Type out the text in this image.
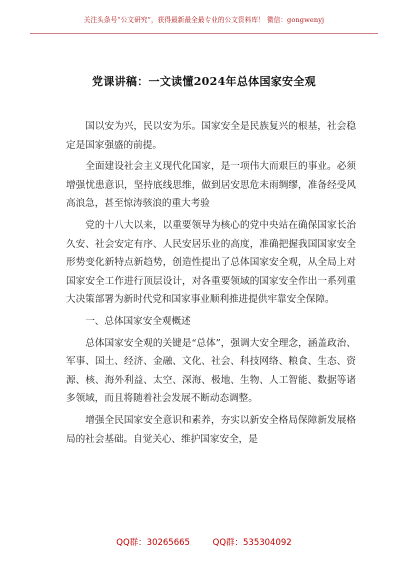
关注头条号“公文研究”，获得最新最全最专业的公文资料库！ 微信：gongwenyj
党课讲稿：一文读懂2024年总体国家安全观

国以安为兴，民以安为乐。国家安全是民族复兴的根基，社会稳定是国家强盛的前提。

全面建设社会主义现代化国家，是一项伟大而艰巨的事业。必须增强忧患意识，坚持底线思维，做到居安思危未雨绸缪，准备经受风高浪急，甚至惊涛骇浪的重大考验

党的十八大以来，以重要领导为核心的党中央站在确保国家长治久安、社会安定有序、人民安居乐业的高度，准确把握我国国家安全形势变化新特点新趋势，创造性提出了总体国家安全观，从全局上对国家安全工作进行顶层设计，对各重要领域的国家安全作出一系列重大决策部署为新时代党和国家事业顺利推进提供牢靠安全保障。

一、总体国家安全观概述

总体国家安全观的关键是“总体”，强调大安全理念，涵盖政治、军事、国土、经济、金融、文化、社会、科技网络、粮食、生态、资源、核、海外利益、太空、深海、极地、生物、人工智能、数据等诸多领域，而且将随着社会发展不断动态调整。

增强全民国家安全意识和素养，夯实以新安全格局保障新发展格局的社会基础。自觉关心、维护国家安全，是

QQ群：30265665	QQ群：535304092
